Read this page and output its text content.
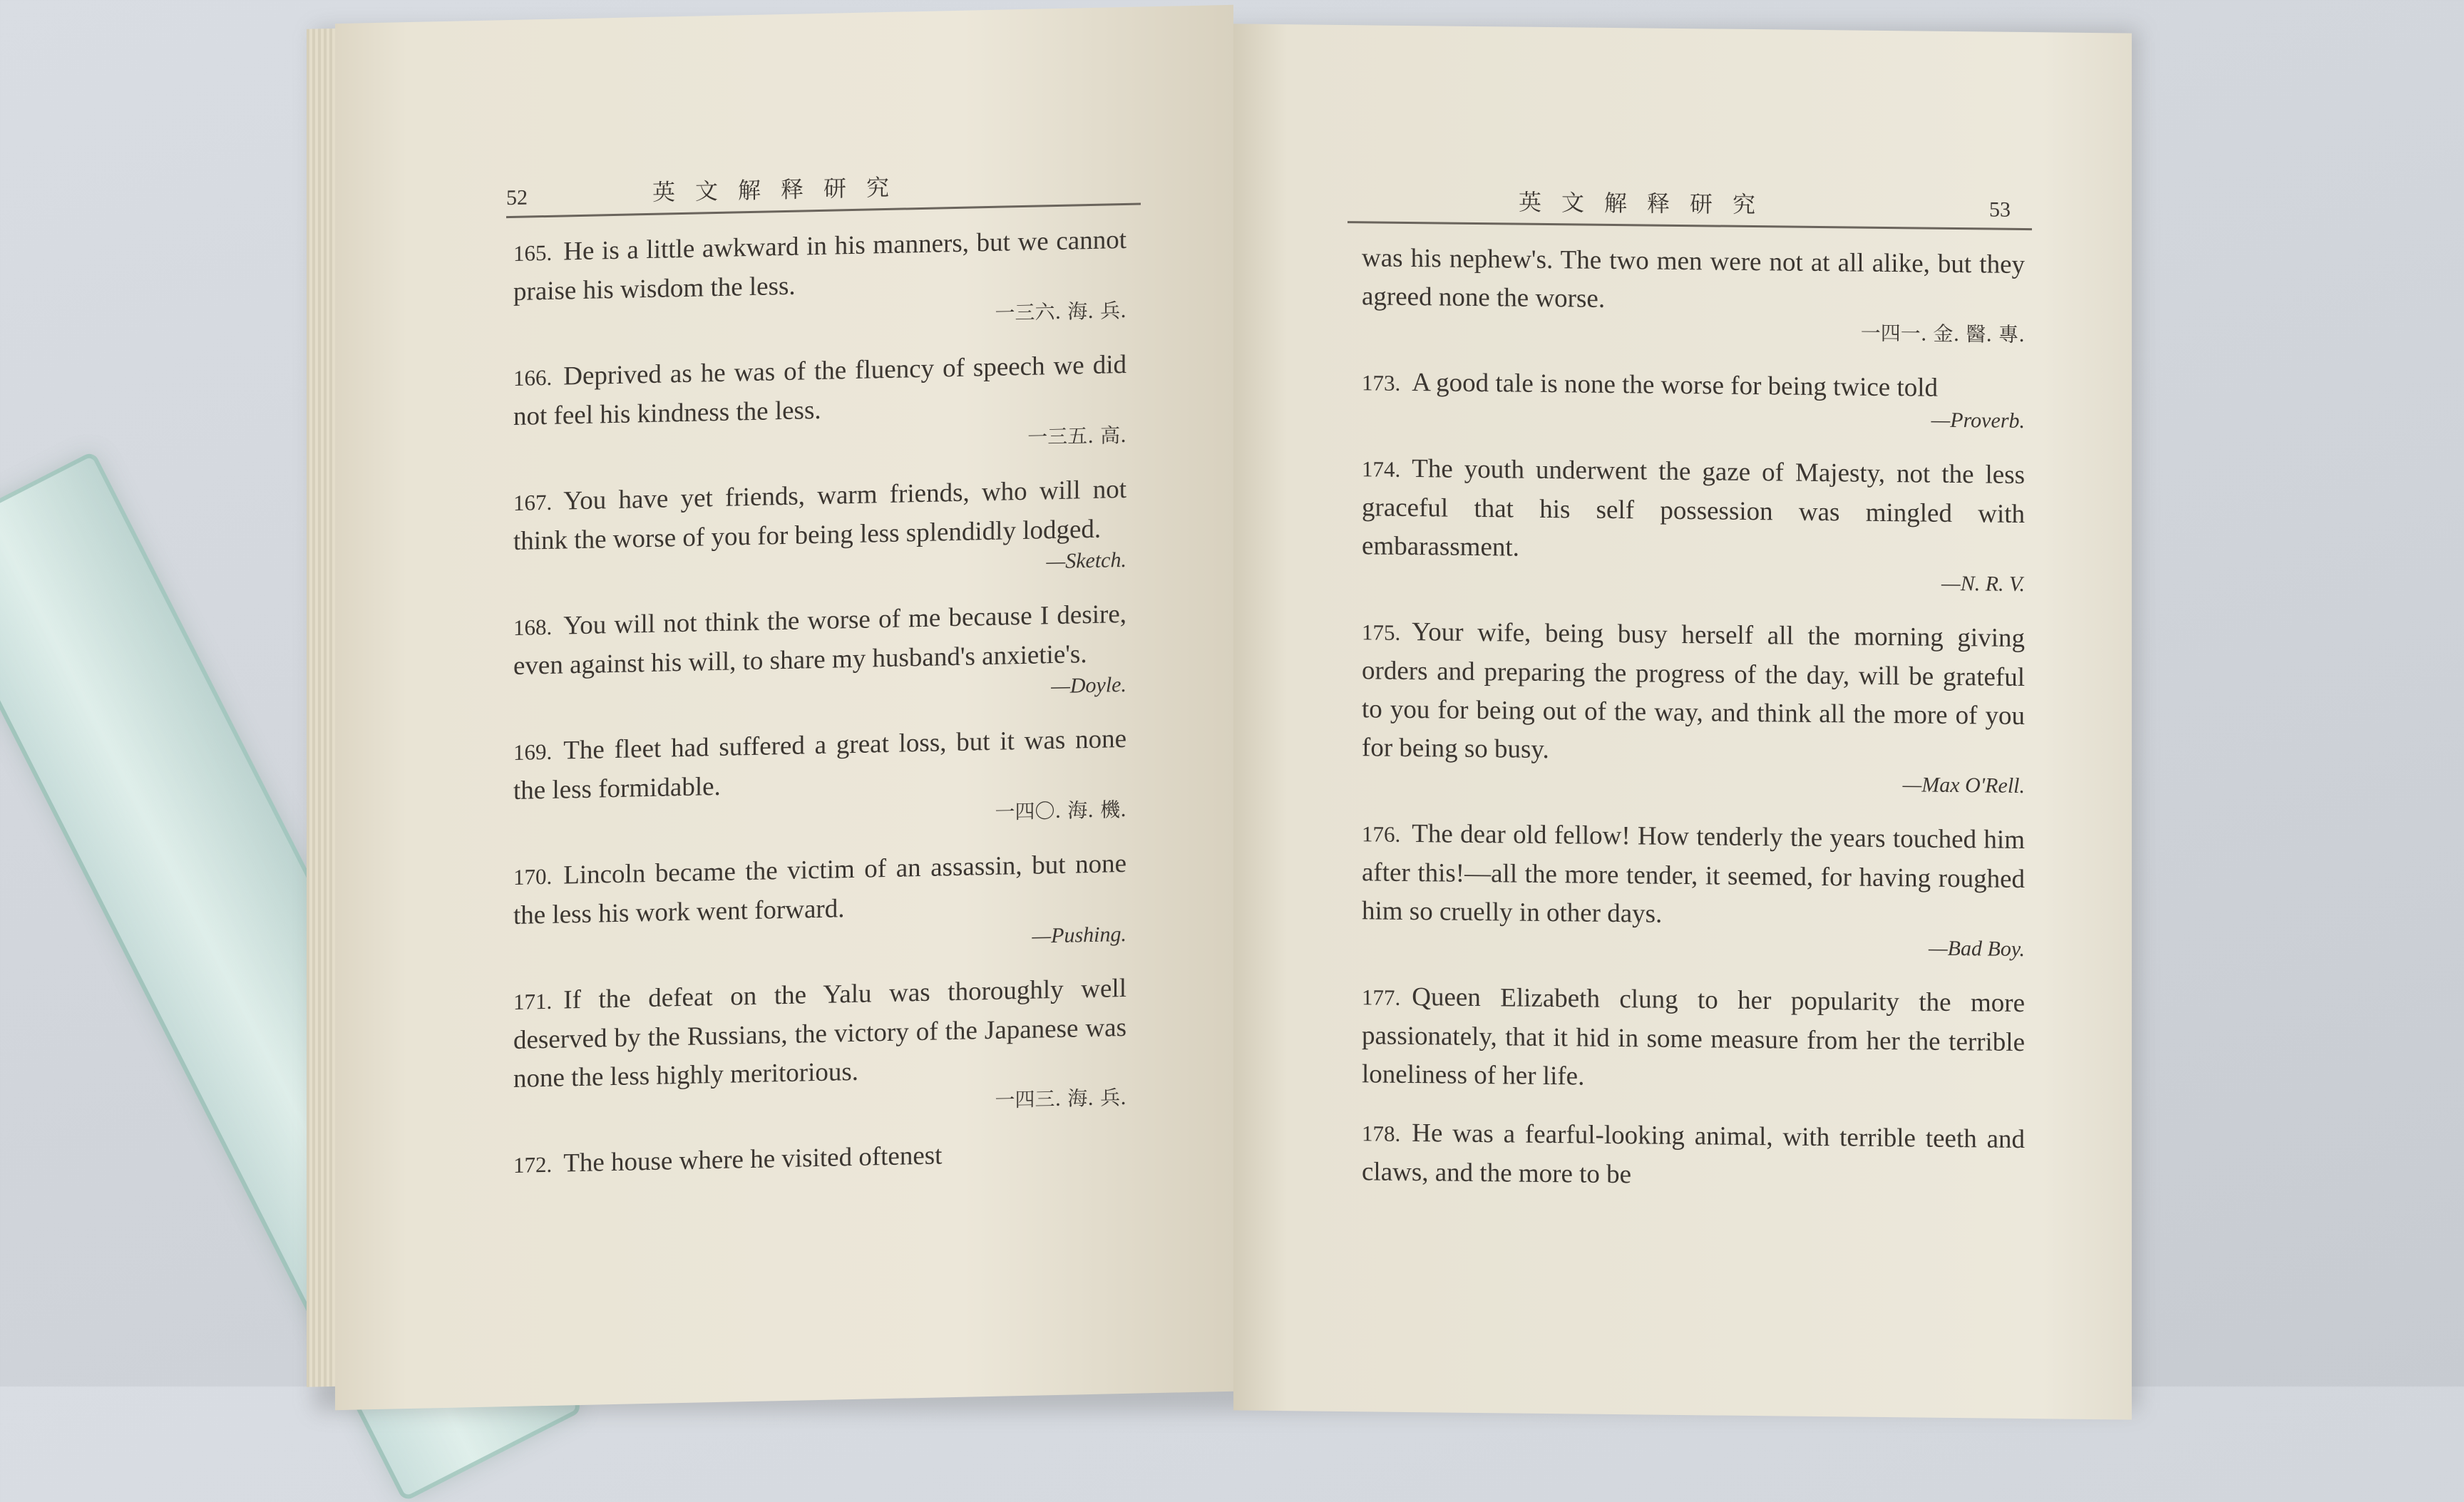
52	英文解释研究
165. He is a little awkward in his manners, but we cannot praise his wisdom the less.
一三六. 海. 兵.
166. Deprived as he was of the fluency of speech we did not feel his kindness the less.
一三五. 高.
167. You have yet friends, warm friends, who will not think the worse of you for being less splendidly lodged.
—Sketch.
168. You will not think the worse of me because I desire, even against his will, to share my husband's anxietie's.
—Doyle.
169. The fleet had suffered a great loss, but it was none the less formidable.
一四〇. 海. 機.
170. Lincoln became the victim of an assassin, but none the less his work went forward.
—Pushing.
171. If the defeat on the Yalu was thoroughly well deserved by the Russians, the victory of the Japanese was none the less highly meritorious.
一四三. 海. 兵.
172. The house where he visited oftenest
英文解释研究	53
was his nephew's. The two men were not at all alike, but they agreed none the worse.
一四一. 金. 醫. 專.
173. A good tale is none the worse for being twice told
—Proverb.
174. The youth underwent the gaze of Majesty, not the less graceful that his self possession was mingled with embarassment.
—N. R. V.
175. Your wife, being busy herself all the morning giving orders and preparing the progress of the day, will be grateful to you for being out of the way, and think all the more of you for being so busy.
—Max O'Rell.
176. The dear old fellow! How tenderly the years touched him after this!—all the more tender, it seemed, for having roughed him so cruelly in other days.
—Bad Boy.
177. Queen Elizabeth clung to her popularity the more passionately, that it hid in some measure from her the terrible loneliness of her life.
178. He was a fearful-looking animal, with terrible teeth and claws, and the more to be
